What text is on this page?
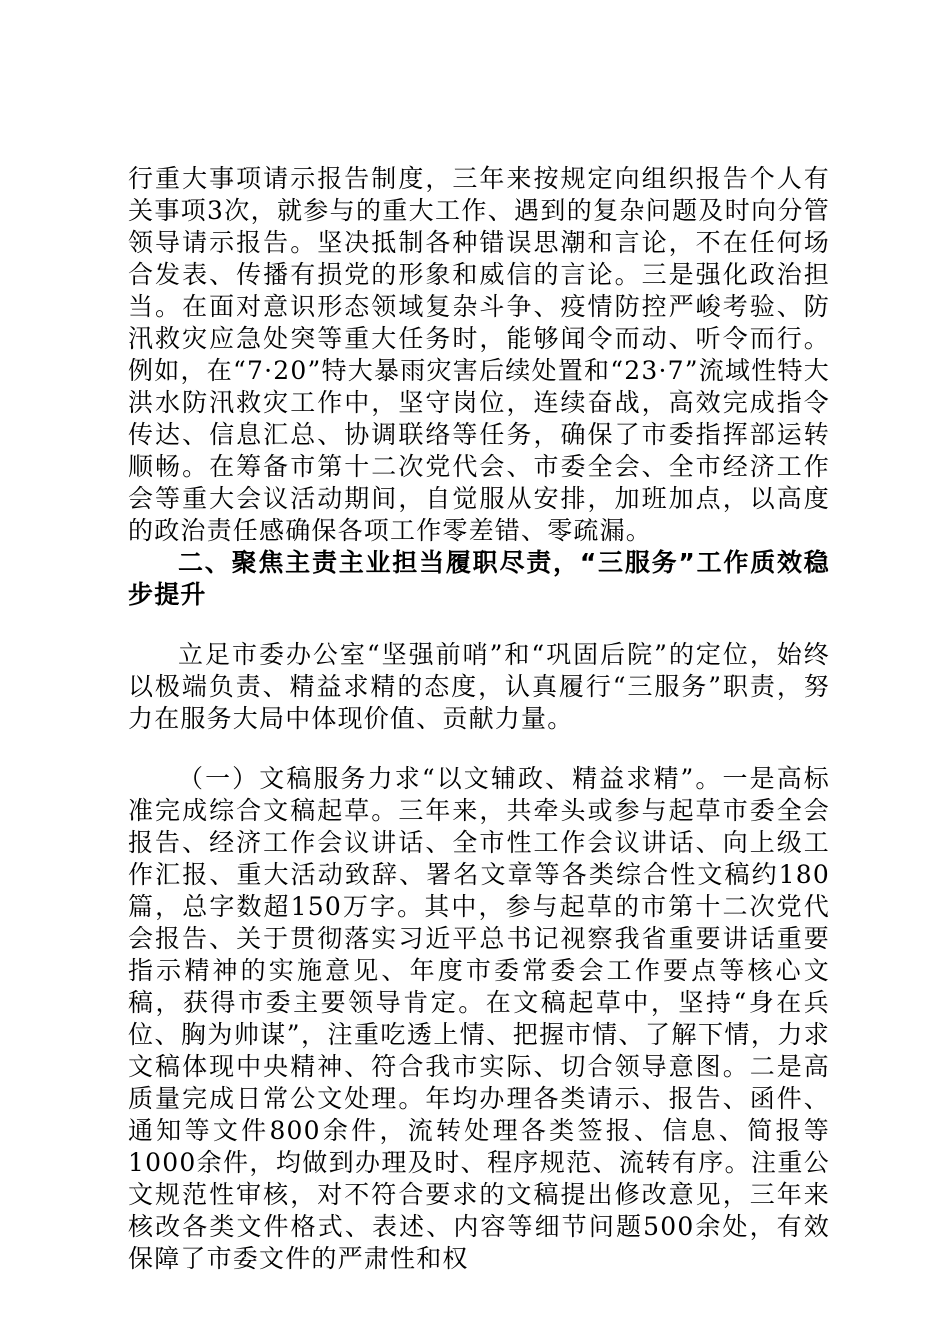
行重大事项请示报告制度，三年来按规定向组织报告个人有关事项3次，就参与的重大工作、遇到的复杂问题及时向分管领导请示报告。坚决抵制各种错误思潮和言论，不在任何场合发表、传播有损党的形象和威信的言论。三是强化政治担当。在面对意识形态领域复杂斗争、疫情防控严峻考验、防汛救灾应急处突等重大任务时，能够闻令而动、听令而行。例如，在“7·20”特大暴雨灾害后续处置和“23·7”流域性特大洪水防汛救灾工作中，坚守岗位，连续奋战，高效完成指令传达、信息汇总、协调联络等任务，确保了市委指挥部运转顺畅。在筹备市第十二次党代会、市委全会、全市经济工作会等重大会议活动期间，自觉服从安排，加班加点，以高度的政治责任感确保各项工作零差错、零疏漏。

二、聚焦主责主业担当履职尽责，“三服务”工作质效稳步提升

立足市委办公室“坚强前哨”和“巩固后院”的定位，始终以极端负责、精益求精的态度，认真履行“三服务”职责，努力在服务大局中体现价值、贡献力量。

（一）文稿服务力求“以文辅政、精益求精”。一是高标准完成综合文稿起草。三年来，共牵头或参与起草市委全会报告、经济工作会议讲话、全市性工作会议讲话、向上级工作汇报、重大活动致辞、署名文章等各类综合性文稿约180篇，总字数超150万字。其中，参与起草的市第十二次党代会报告、关于贯彻落实习近平总书记视察我省重要讲话重要指示精神的实施意见、年度市委常委会工作要点等核心文稿，获得市委主要领导肯定。在文稿起草中，坚持“身在兵位、胸为帅谋”，注重吃透上情、把握市情、了解下情，力求文稿体现中央精神、符合我市实际、切合领导意图。二是高质量完成日常公文处理。年均办理各类请示、报告、函件、通知等文件800余件，流转处理各类签报、信息、简报等1000余件，均做到办理及时、程序规范、流转有序。注重公文规范性审核，对不符合要求的文稿提出修改意见，三年来核改各类文件格式、表述、内容等细节问题500余处，有效保障了市委文件的严肃性和权
